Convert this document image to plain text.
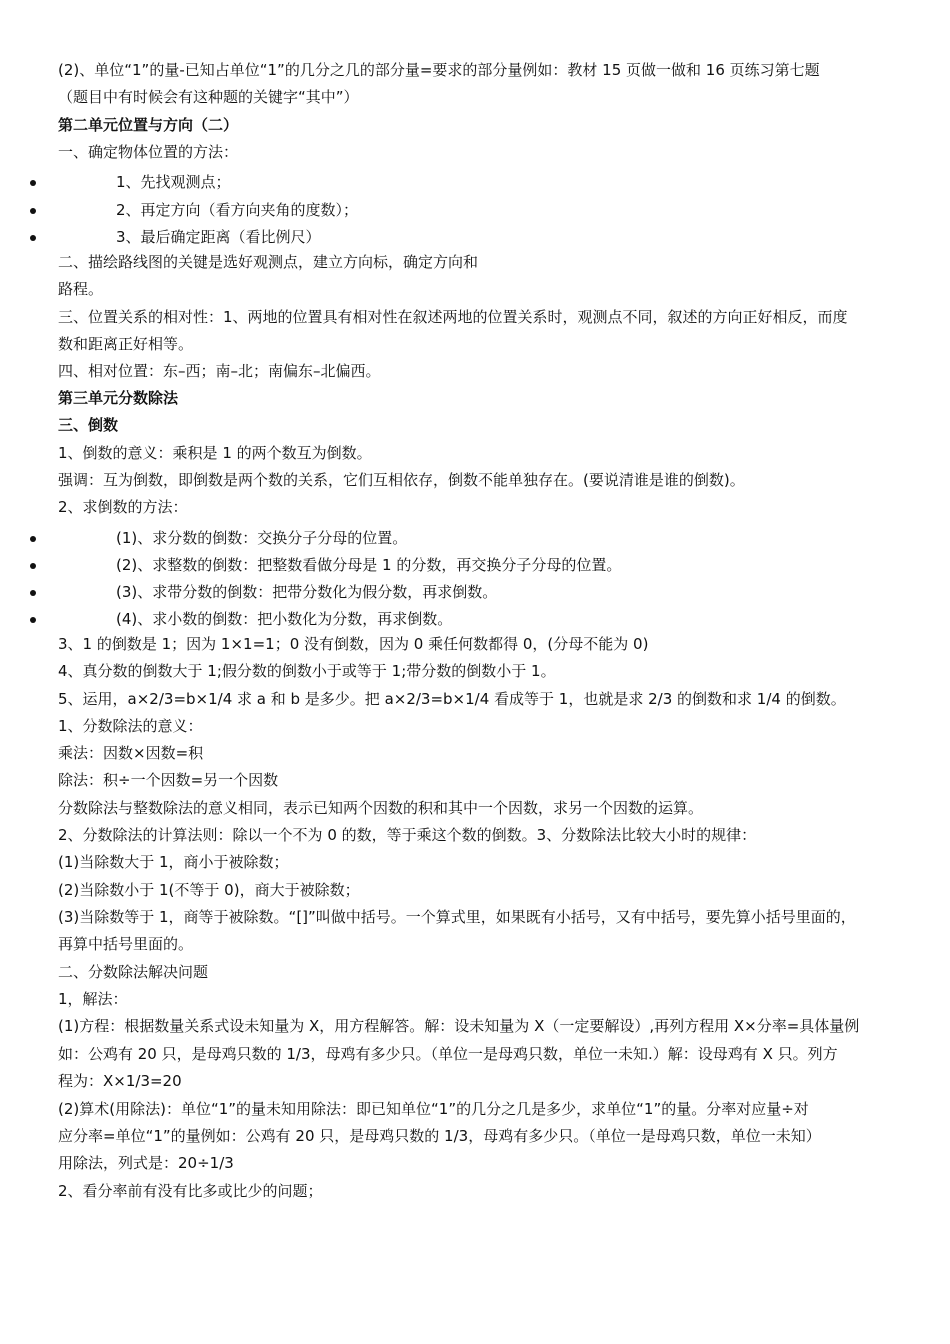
(2)、单位“1”的量-已知占单位“1”的几分之几的部分量=要求的部分量例如：教材 15 页做一做和 16 页练习第七题
（题目中有时候会有这种题的关键字“其中”）
第二单元位置与方向（二）
一、确定物体位置的方法：
1、先找观测点；
2、再定方向（看方向夹角的度数）；
3、最后确定距离（看比例尺）
二、描绘路线图的关键是选好观测点，建立方向标，确定方向和
路程。
三、位置关系的相对性：1、两地的位置具有相对性在叙述两地的位置关系时，观测点不同，叙述的方向正好相反，而度
数和距离正好相等。
四、相对位置：东–西；南–北；南偏东–北偏西。
第三单元分数除法
三、倒数
1、倒数的意义：乘积是 1 的两个数互为倒数。
强调：互为倒数，即倒数是两个数的关系，它们互相依存，倒数不能单独存在。(要说清谁是谁的倒数)。
2、求倒数的方法：
(1)、求分数的倒数：交换分子分母的位置。
(2)、求整数的倒数：把整数看做分母是 1 的分数，再交换分子分母的位置。
(3)、求带分数的倒数：把带分数化为假分数，再求倒数。
(4)、求小数的倒数：把小数化为分数，再求倒数。
3、1 的倒数是 1；因为 1×1=1；0 没有倒数，因为 0 乘任何数都得 0，(分母不能为 0)
4、真分数的倒数大于 1;假分数的倒数小于或等于 1;带分数的倒数小于 1。
5、运用，a×2/3=b×1/4 求 a 和 b 是多少。把 a×2/3=b×1/4 看成等于 1，也就是求 2/3 的倒数和求 1/4 的倒数。
1、分数除法的意义：
乘法：因数×因数=积
除法：积÷一个因数=另一个因数
分数除法与整数除法的意义相同，表示已知两个因数的积和其中一个因数，求另一个因数的运算。
2、分数除法的计算法则：除以一个不为 0 的数，等于乘这个数的倒数。3、分数除法比较大小时的规律：
(1)当除数大于 1，商小于被除数；
(2)当除数小于 1(不等于 0)，商大于被除数；
(3)当除数等于 1，商等于被除数。“[]”叫做中括号。一个算式里，如果既有小括号，又有中括号，要先算小括号里面的，
再算中括号里面的。
二、分数除法解决问题
1，解法：
(1)方程：根据数量关系式设未知量为 X，用方程解答。解：设未知量为 X（一定要解设）,再列方程用 X×分率=具体量例
如：公鸡有 20 只，是母鸡只数的 1/3，母鸡有多少只。（单位一是母鸡只数，单位一未知.）解：设母鸡有 X 只。列方
程为：X×1/3=20
(2)算术(用除法)：单位“1”的量未知用除法：即已知单位“1”的几分之几是多少，求单位“1”的量。分率对应量÷对
应分率=单位“1”的量例如：公鸡有 20 只，是母鸡只数的 1/3，母鸡有多少只。（单位一是母鸡只数，单位一未知）
用除法，列式是：20÷1/3
2、看分率前有没有比多或比少的问题；
